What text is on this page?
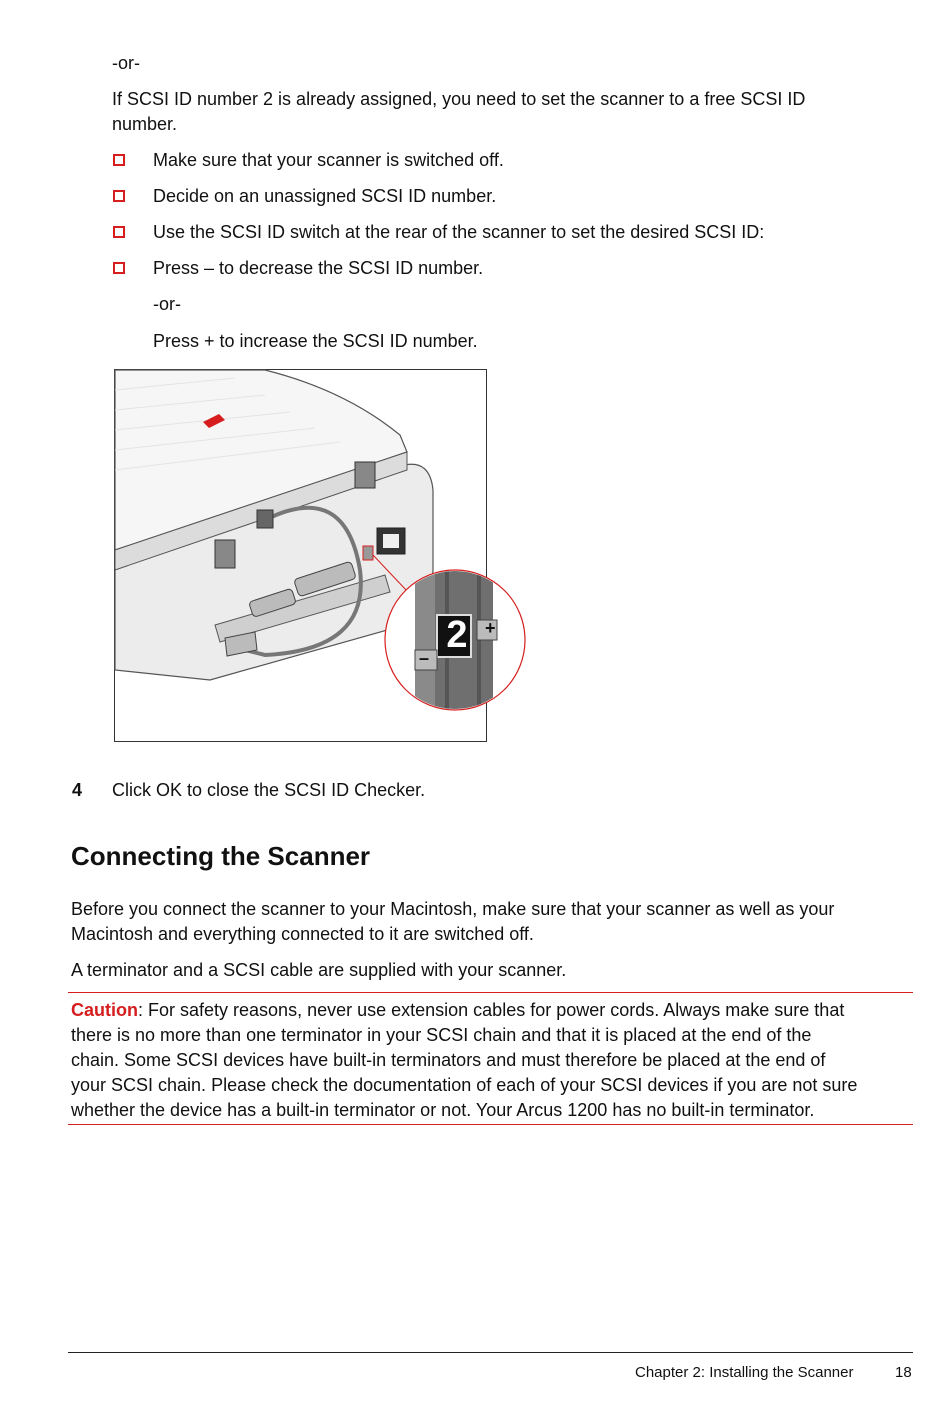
-or-
If SCSI ID number 2 is already assigned, you need to set the scanner to a free SCSI ID
number.
Make sure that your scanner is switched off.
Decide on an unassigned SCSI ID number.
Use the SCSI ID switch at the rear of the scanner to set the desired SCSI ID:
Press – to decrease the SCSI ID number.
-or-
Press + to increase the SCSI ID number.
2 +
–
4 Click OK to close the SCSI ID Checker.
Connecting the Scanner
Before you connect the scanner to your Macintosh, make sure that your scanner as well as your
Macintosh and everything connected to it are switched off.
A terminator and a SCSI cable are supplied with your scanner.
Caution: For safety reasons, never use extension cables for power cords. Always make sure that
there is no more than one terminator in your SCSI chain and that it is placed at the end of the
chain. Some SCSI devices have built-in terminators and must therefore be placed at the end of
your SCSI chain. Please check the documentation of each of your SCSI devices if you are not sure
whether the device has a built-in terminator or not. Your Arcus 1200 has no built-in terminator.
Chapter 2: Installing the Scanner	18
